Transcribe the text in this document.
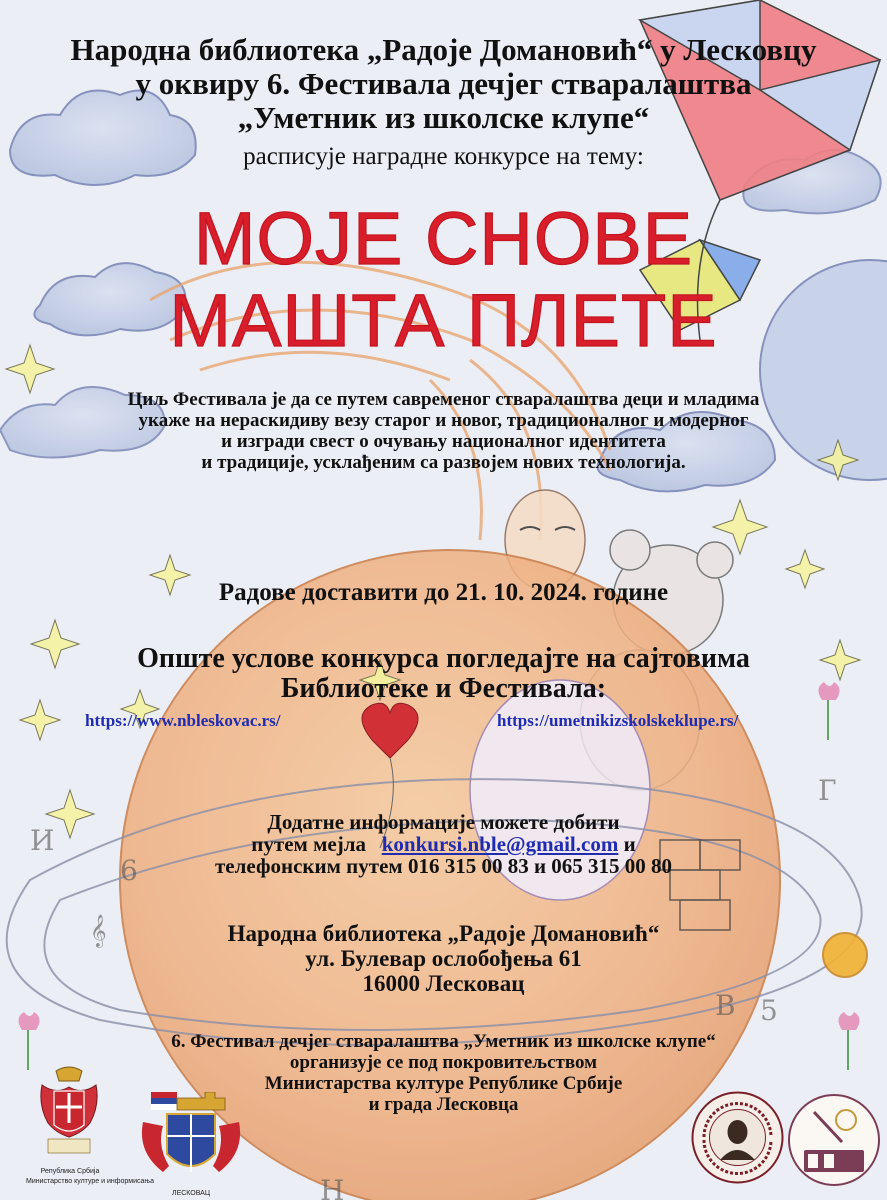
И
6
𝄞
5
В
Г
Н
Народна библиотека „Радоје Домановић“ у Лесковцу
у оквиру 6. Фестивала дечјег стваралаштва
„Уметник из школске клупе“
расписује наградне конкурсе на тему:
МОЈЕ СНОВЕ
МАШТА ПЛЕТЕ
Циљ Фестивала је да се путем савременог стваралаштва деци и младима
укаже на нераскидиву везу старог и новог, традиционалног и модерног
и изгради свест о очувању националног идентитета
и традиције, усклађеним са развојем нових технологија.
Радове доставити до 21. 10. 2024. године
Опште услове конкурса погледајте на сајтовима
Библиотеке и Фестивала:
https://www.nbleskovac.rs/	https://umetnikizskolskeklupe.rs/
Додатне информације можете добити
путем мејла konkursi.nble@gmail.com и
телефонским путем 016 315 00 83 и 065 315 00 80
Народна библиотека „Радоје Домановић“
ул. Булевар ослобођења 61
16000 Лесковац
6. Фестивал дечјег стваралаштва „Уметник из школске клупе“
организује се под покровитељством
Министарства културе Републике Србије
и града Лесковца
Република Србија
Министарство културе и информисања
ЛЕСКОВАЦ
